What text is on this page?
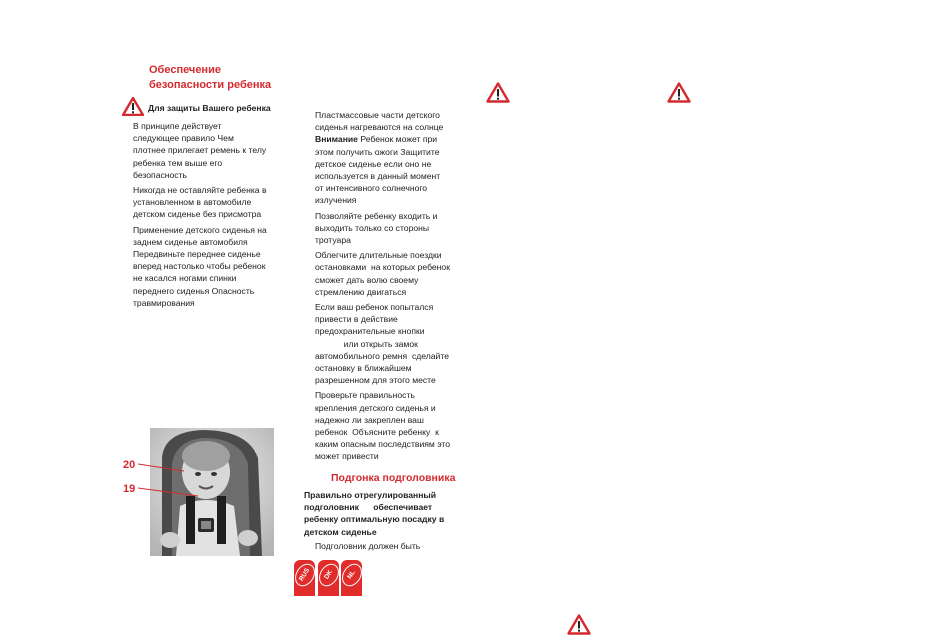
Обеспечение
безопасности ребенка
Для защиты Вашего ребенка

В принципе действует
следующее правило Чем
плотнее прилегает ремень к телу
ребенка тем выше его
безопасность

Никогда не оставляйте ребенка в
установленном в автомобиле
детском сиденье без присмотра

Применение детского сиденья на
заднем сиденье автомобиля
Передвиньте переднее сиденье
вперед настолько чтобы ребенок
не касался ногами спинки
переднего сиденья Опасность
травмирования

Пластмассовые части детского
сиденья нагреваются на солнце
Внимание Ребенок может при
этом получить ожоги Защитите
детское сиденье если оно не
используется в данный момент
от интенсивного солнечного
излучения

Позволяйте ребенку входить и
выходить только со стороны
тротуара

Облегчите длительные поездки
остановками  на которых ребенок
сможет дать волю своему
стремлению двигаться

Если ваш ребенок попытался
привести в действие
предохранительные кнопки
или открыть замок
автомобильного ремня  сделайте
остановку в ближайшем
разрешенном для этого месте

Проверьте правильность
крепления детского сиденья и
надежно ли закреплен ваш
ребенок  Объясните ребенку  к
каким опасным последствиям это
может привести

Подгонка подголовника
Правильно отрегулированный
подголовник      обеспечивает
ребенку оптимальную посадку в
детском сиденье
Подголовник должен быть
20
19
RUS	DK	NL
